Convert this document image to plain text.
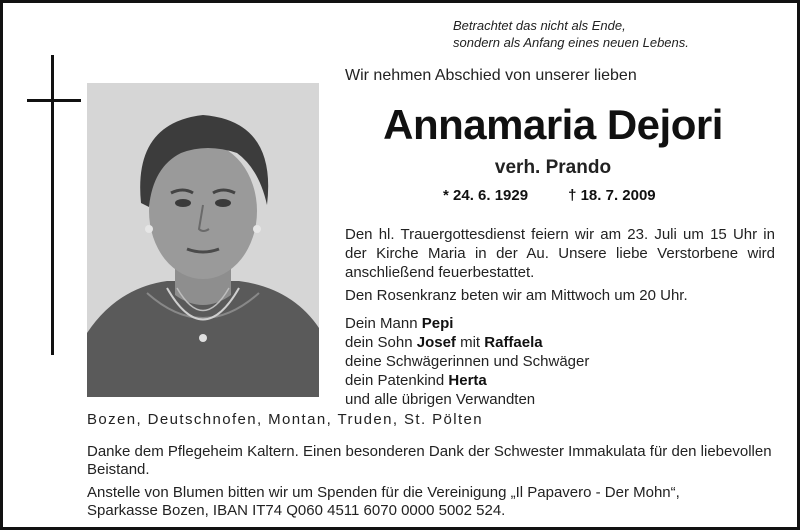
Betrachtet das nicht als Ende,
sondern als Anfang eines neuen Lebens.
Wir nehmen Abschied von unserer lieben
Annamaria Dejori
verh. Prando
* 24. 6. 1929	† 18. 7. 2009

Den hl. Trauergottesdienst feiern wir am 23. Juli um 15 Uhr in der Kirche Maria in der Au. Unsere liebe Verstorbene wird anschließend feuerbestattet.

Den Rosenkranz beten wir am Mittwoch um 20 Uhr.

Dein Mann Pepi
dein Sohn Josef mit Raffaela
deine Schwägerinnen und Schwäger
dein Patenkind Herta
und alle übrigen Verwandten
Bozen, Deutschnofen, Montan, Truden, St. Pölten
Danke dem Pflegeheim Kaltern. Einen besonderen Dank der Schwester Immakulata für den liebevollen Beistand.
Anstelle von Blumen bitten wir um Spenden für die Vereinigung „Il Papavero - Der Mohn“,
Sparkasse Bozen, IBAN IT74 Q060 4511 6070 0000 5002 524.
